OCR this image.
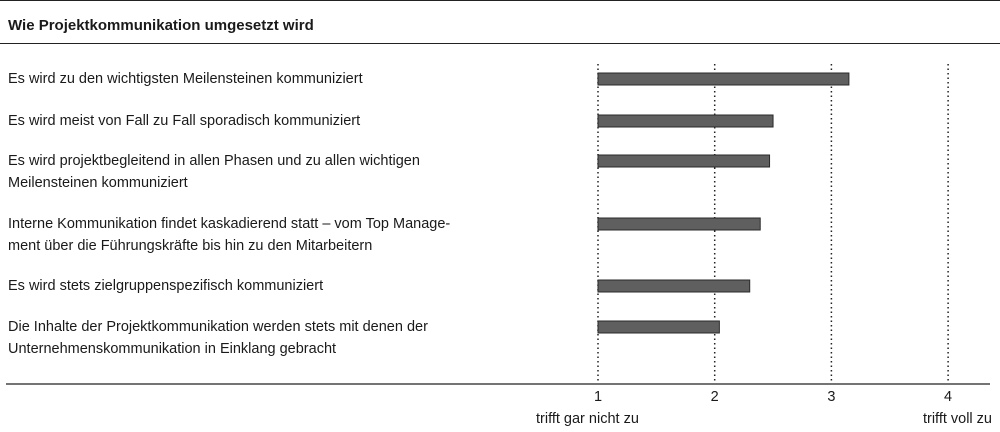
Wie Projektkommunikation umgesetzt wird
Es wird zu den wichtigsten Meilensteinen kommuniziert
Es wird meist von Fall zu Fall sporadisch kommuniziert
Es wird projektbegleitend in allen Phasen und zu allen wichtigen
Meilensteinen kommuniziert
Interne Kommunikation findet kaskadierend statt – vom Top Manage-
ment über die Führungskräfte bis hin zu den Mitarbeitern
Es wird stets zielgruppenspezifisch kommuniziert
Die Inhalte der Projektkommunikation werden stets mit denen der
Unternehmenskommunikation in Einklang gebracht
1	2	3	4
trifft gar nicht zu	trifft voll zu
